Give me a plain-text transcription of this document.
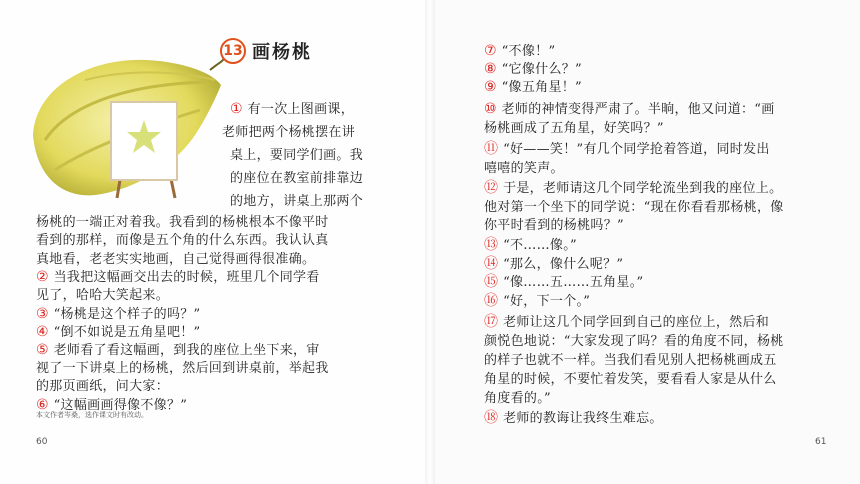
13 画杨桃
① 有一次上图画课，
老师把两个杨桃摆在讲
桌上，要同学们画。我
的座位在教室前排靠边
的地方，讲桌上那两个
杨桃的一端正对着我。我看到的杨桃根本不像平时
看到的那样，而像是五个角的什么东西。我认认真
真地看，老老实实地画，自己觉得画得很准确。
② 当我把这幅画交出去的时候，班里几个同学看
见了，哈哈大笑起来。
③ “杨桃是这个样子的吗？”
④ “倒不如说是五角星吧！”
⑤ 老师看了看这幅画，到我的座位上坐下来，审
视了一下讲桌上的杨桃，然后回到讲桌前，举起我
的那页画纸，问大家：
⑥ “这幅画画得像不像？”
⑦ “不像！”
⑧ “它像什么？”
⑨ “像五角星！”
⑩ 老师的神情变得严肃了。半晌，他又问道：“画
杨桃画成了五角星，好笑吗？”
⑪ “好——笑！”有几个同学抢着答道，同时发出
嘻嘻的笑声。
⑫ 于是，老师请这几个同学轮流坐到我的座位上。
他对第一个坐下的同学说：“现在你看看那杨桃，像
你平时看到的杨桃吗？”
⑬ “不……像。”
⑭ “那么，像什么呢？”
⑮ “像……五……五角星。”
⑯ “好，下一个。”
⑰ 老师让这几个同学回到自己的座位上，然后和
颜悦色地说：“大家发现了吗？看的角度不同，杨桃
的样子也就不一样。当我们看见别人把杨桃画成五
角星的时候，不要忙着发笑，要看看人家是从什么
角度看的。”
⑱ 老师的教诲让我终生难忘。
本文作者岑桑，选作课文时有改动。
60	61
